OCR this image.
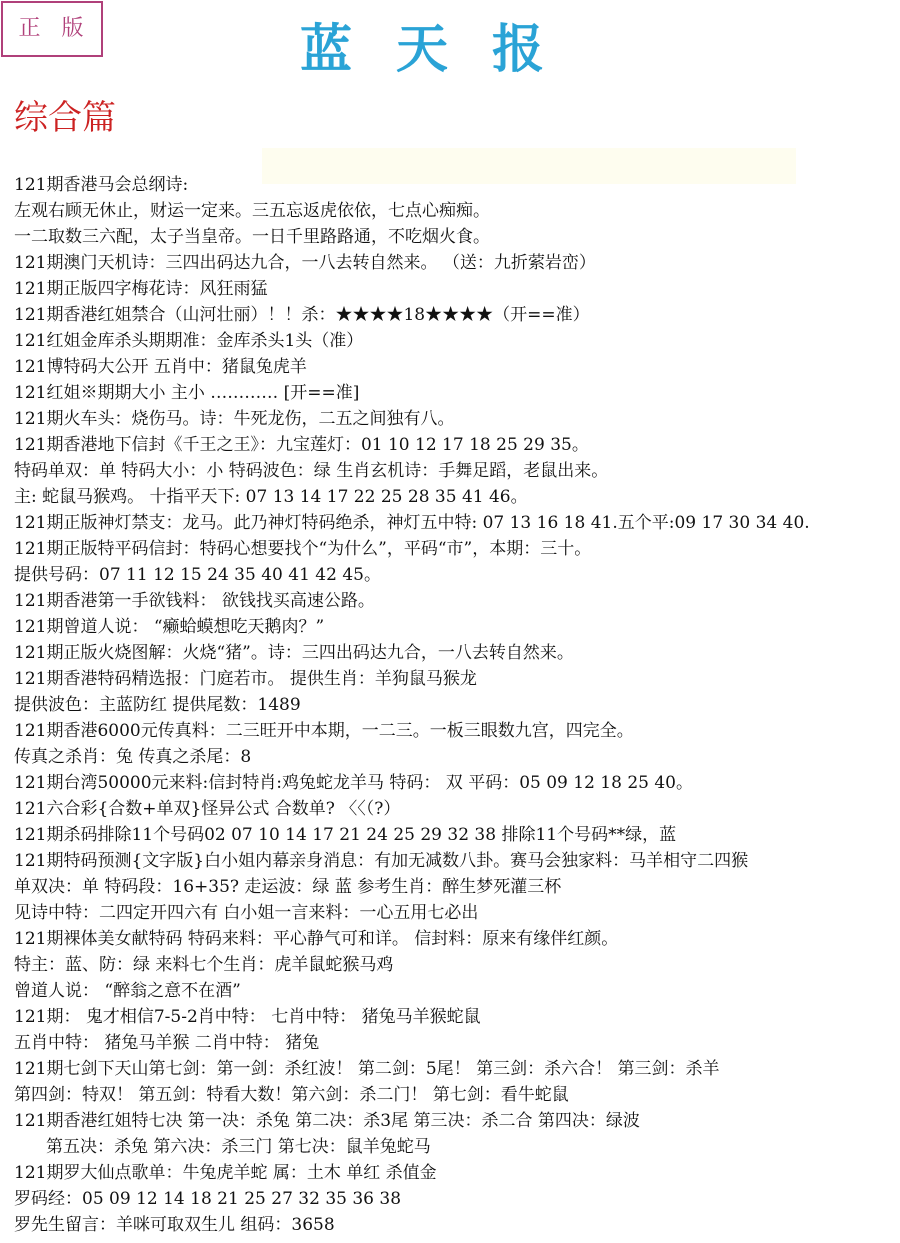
正 版	蓝天报
综合篇
121期香港马会总纲诗:
左观右顾无休止，财运一定来。三五忘返虎依依，七点心痴痴。
一二取数三六配，太子当皇帝。一日千里路路通，不吃烟火食。
121期澳门天机诗：三四出码达九合，一八去转自然来。 （送：九折萦岩峦）
121期正版四字梅花诗：风狂雨猛
121期香港红姐禁合（山河壮丽）！！杀：★★★★18★★★★（开==准）
121红姐金库杀头期期准：金库杀头1头（准）
121博特码大公开 五肖中：猪鼠兔虎羊
121红姐※期期大小 主小 ………… [开==准]
121期火车头：烧伤马。诗：牛死龙伤，二五之间独有八。
121期香港地下信封《千王之王》：九宝莲灯：01 10 12 17 18 25 29 35。
特码单双：单 特码大小：小 特码波色：绿 生肖玄机诗：手舞足蹈，老鼠出来。
主: 蛇鼠马猴鸡。 十指平天下: 07 13 14 17 22 25 28 35 41 46。
121期正版神灯禁支：龙马。此乃神灯特码绝杀，神灯五中特: 07 13 16 18 41.五个平:09 17 30 34 40.
121期正版特平码信封：特码心想要找个“为什么”，平码“市”，本期：三十。
提供号码：07 11 12 15 24 35 40 41 42 45。
121期香港第一手欲钱料： 欲钱找买高速公路。
121期曾道人说： “癞蛤蟆想吃天鹅肉？”
121期正版火烧图解：火烧“猪”。诗：三四出码达九合，一八去转自然来。
121期香港特码精选报：门庭若市。 提供生肖：羊狗鼠马猴龙
提供波色：主蓝防红 提供尾数：1489
121期香港6000元传真料：二三旺开中本期，一二三。一板三眼数九宫，四完全。
传真之杀肖：兔 传真之杀尾：8
121期台湾50000元来料:信封特肖:鸡兔蛇龙羊马 特码： 双 平码：05 09 12 18 25 40。
121六合彩{合数+单双}怪异公式 合数单? 〈〈（?）
121期杀码排除11个号码02 07 10 14 17 21 24 25 29 32 38 排除11个号码**绿，蓝
121期特码预测{文字版}白小姐内幕亲身消息：有加无减数八卦。赛马会独家料：马羊相守二四猴
单双决：单 特码段：16+35? 走运波：绿 蓝 参考生肖：醉生梦死灌三杯
见诗中特：二四定开四六有 白小姐一言来料：一心五用七必出
121期裸体美女献特码 特码来料：平心静气可和详。 信封料：原来有缘伴红颜。
特主：蓝、防：绿 来料七个生肖：虎羊鼠蛇猴马鸡
曾道人说： “醉翁之意不在酒”
121期： 鬼才相信7-5-2肖中特： 七肖中特： 猪兔马羊猴蛇鼠
五肖中特： 猪兔马羊猴 二肖中特： 猪兔
121期七剑下天山第七剑：第一剑：杀红波！ 第二剑：5尾！ 第三剑：杀六合！ 第三剑：杀羊
第四剑：特双！ 第五剑：特看大数！第六剑：杀二门！ 第七剑：看牛蛇鼠
121期香港红姐特七决 第一决：杀兔 第二决：杀3尾 第三决：杀二合 第四决：绿波
第五决：杀兔 第六决：杀三门 第七决：鼠羊兔蛇马
121期罗大仙点歌单：牛兔虎羊蛇 属：土木 单红 杀值金
罗码经：05 09 12 14 18 21 25 27 32 35 36 38
罗先生留言：羊咪可取双生儿 组码：3658
